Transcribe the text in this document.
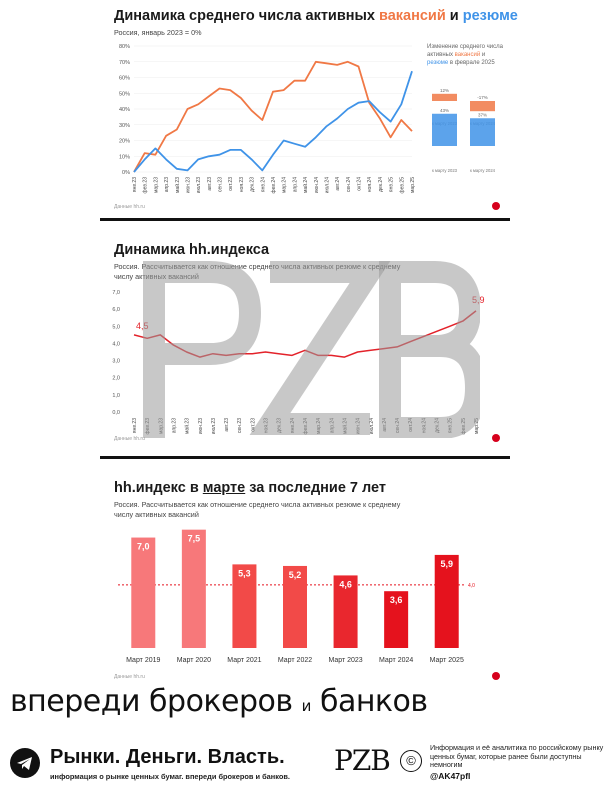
Динамика среднего числа активных вакансий и резюме
Россия, январь 2023 = 0%
0%
10%
20%
30%
40%
50%
60%
70%
80%
янв.23 фев.23 мар.23 апр.23 май.23 июн.23 июл.23 авг.23 сен.23 окт.23 ноя.23 дек.23 янв.24 фев.24 мар.24 апр.24 май.24 июн.24 июл.24 авг.24 сен.24 окт.24 ноя.24 дек.24 янв.25 фев.25 мар.25
12%
-17%
43%
к марту 2023
37%
к марту 2024
Изменение среднего числа активных вакансий и резюме в феврале 2025
Данные hh.ru
Динамика hh.индекса
Россия. Рассчитывается как отношение среднего числа активных резюме к среднему числу активных вакансий
0,0
1,0
2,0
3,0
4,0
5,0
6,0
7,0
янв.23 фев.23 мар.23 апр.23 май.23 июн.23 июл.23 авг.23 сен.23 окт.23 ноя.23 дек.23 янв.24 фев.24 мар.24 апр.24 май.24 июн.24 июл.24 авг.24 сен.24 окт.24 ноя.24 дек.24 янв.25 фев.25 мар.25
4,5
5,9
Данные hh.ru
hh.индекс в марте за последние 7 лет
Россия. Рассчитывается как отношение среднего числа активных резюме к среднему числу активных вакансий
4,0
7,0
Март 2019
7,5
Март 2020
5,3
Март 2021
5,2
Март 2022
4,6
Март 2023
3,6
Март 2024
5,9
Март 2025
Данные hh.ru
впереди брокеров и банков
Рынки. Деньги. Власть.
информация о рынке ценных бумаг. впереди брокеров и банков. PZB	©
Информация и её аналитика по российскому рынку ценных бумаг, которые ранее были доступны немногим
@AK47pfl
